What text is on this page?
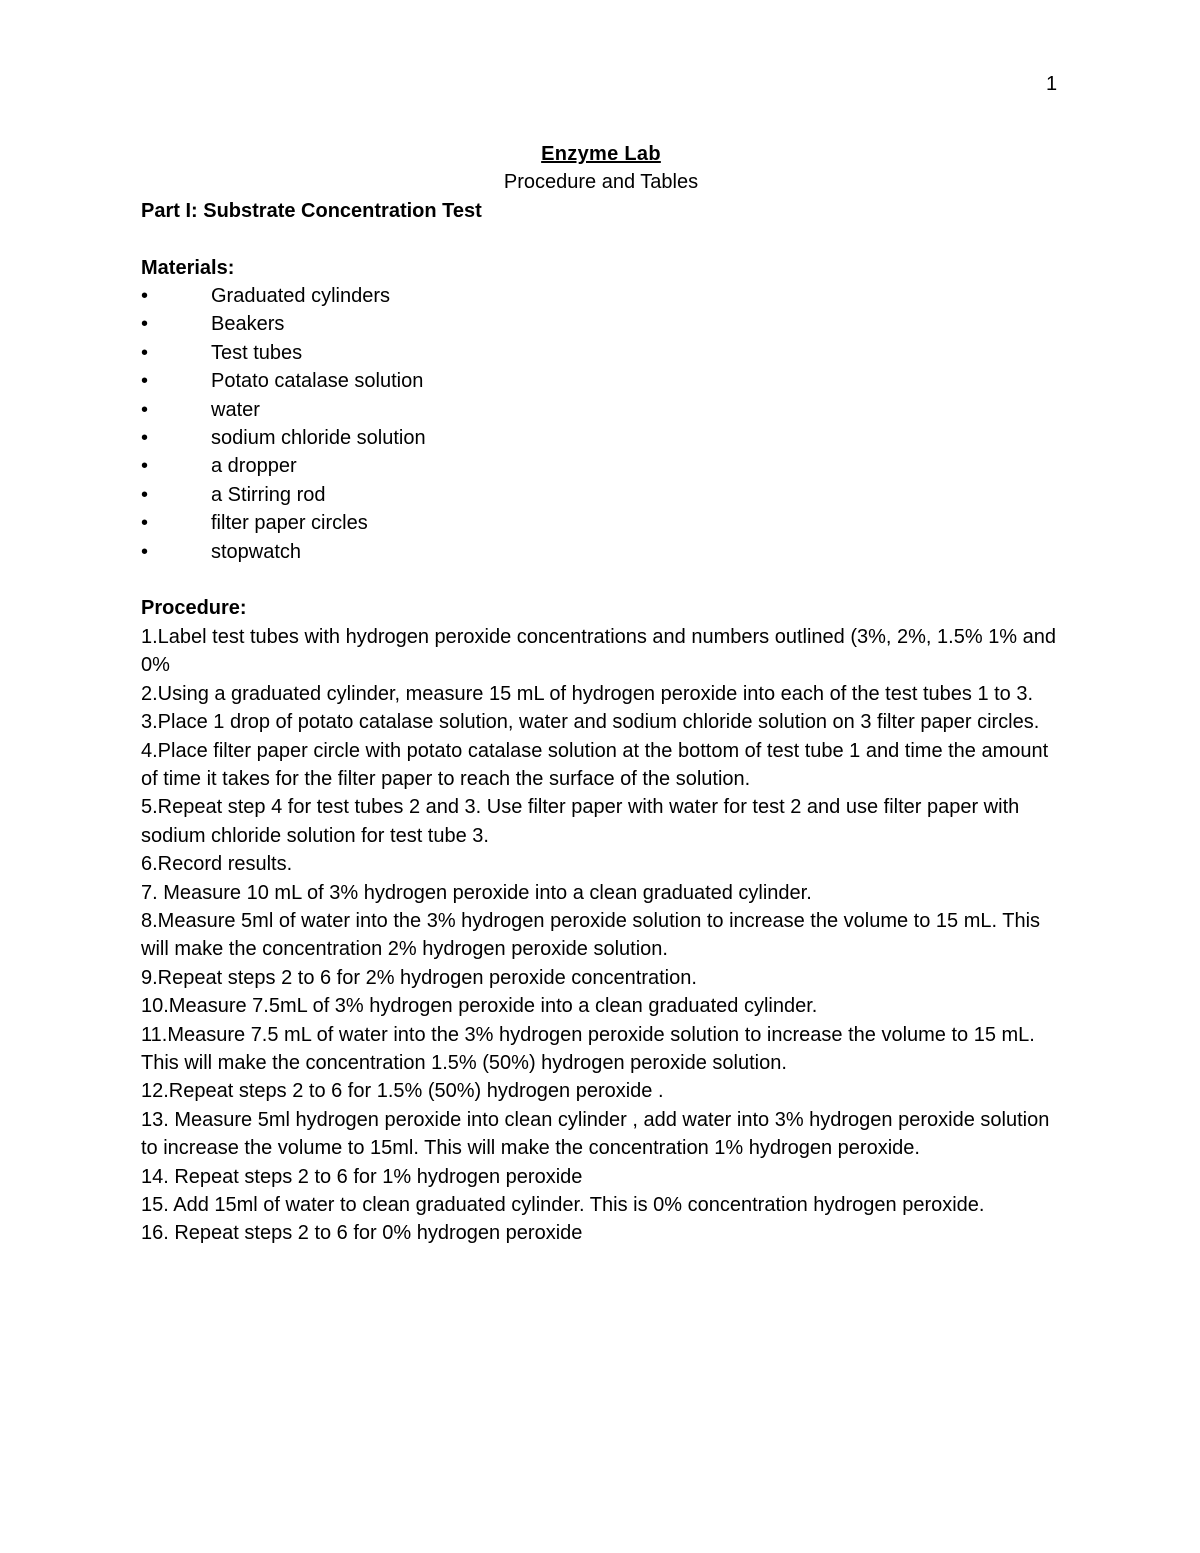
1

Enzyme Lab

Procedure and Tables

Part I: Substrate Concentration Test

Materials:

•	Graduated cylinders
•	Beakers
•	Test tubes
•	Potato catalase solution
•	water
•	sodium chloride solution
•	a dropper
•	a Stirring rod
•	filter paper circles
•	stopwatch

Procedure:

1.Label test tubes with hydrogen peroxide concentrations and numbers outlined (3%, 2%, 1.5% 1% and 0%

2.Using a graduated cylinder, measure 15 mL of hydrogen peroxide into each of the test tubes 1 to 3.

3.Place 1 drop of potato catalase solution, water and sodium chloride solution on 3 filter paper circles.

4.Place filter paper circle with potato catalase solution at the bottom of test tube 1 and time the amount of time it takes for the filter paper to reach the surface of the solution.

5.Repeat step 4 for test tubes 2 and 3. Use filter paper with water for test 2 and use filter paper with sodium chloride solution for test tube 3.

6.Record results.

7. Measure 10 mL of 3% hydrogen peroxide into a clean graduated cylinder.

8.Measure 5ml of water into the 3% hydrogen peroxide solution to increase the volume to 15 mL. This will make the concentration 2% hydrogen peroxide solution.

9.Repeat steps 2 to 6 for 2% hydrogen peroxide concentration.

10.Measure 7.5mL of 3% hydrogen peroxide into a clean graduated cylinder.

11.Measure 7.5 mL of water into the 3% hydrogen peroxide solution to increase the volume to 15 mL. This will make the concentration 1.5% (50%) hydrogen peroxide solution.

12.Repeat steps 2 to 6 for 1.5% (50%) hydrogen peroxide .

13. Measure 5ml hydrogen peroxide into clean cylinder , add water into 3% hydrogen peroxide solution to increase the volume to 15ml. This will make the concentration 1% hydrogen peroxide.

14. Repeat steps 2 to 6 for 1% hydrogen peroxide

15. Add 15ml of water to clean graduated cylinder. This is 0% concentration hydrogen peroxide.

16. Repeat steps 2 to 6 for 0% hydrogen peroxide
